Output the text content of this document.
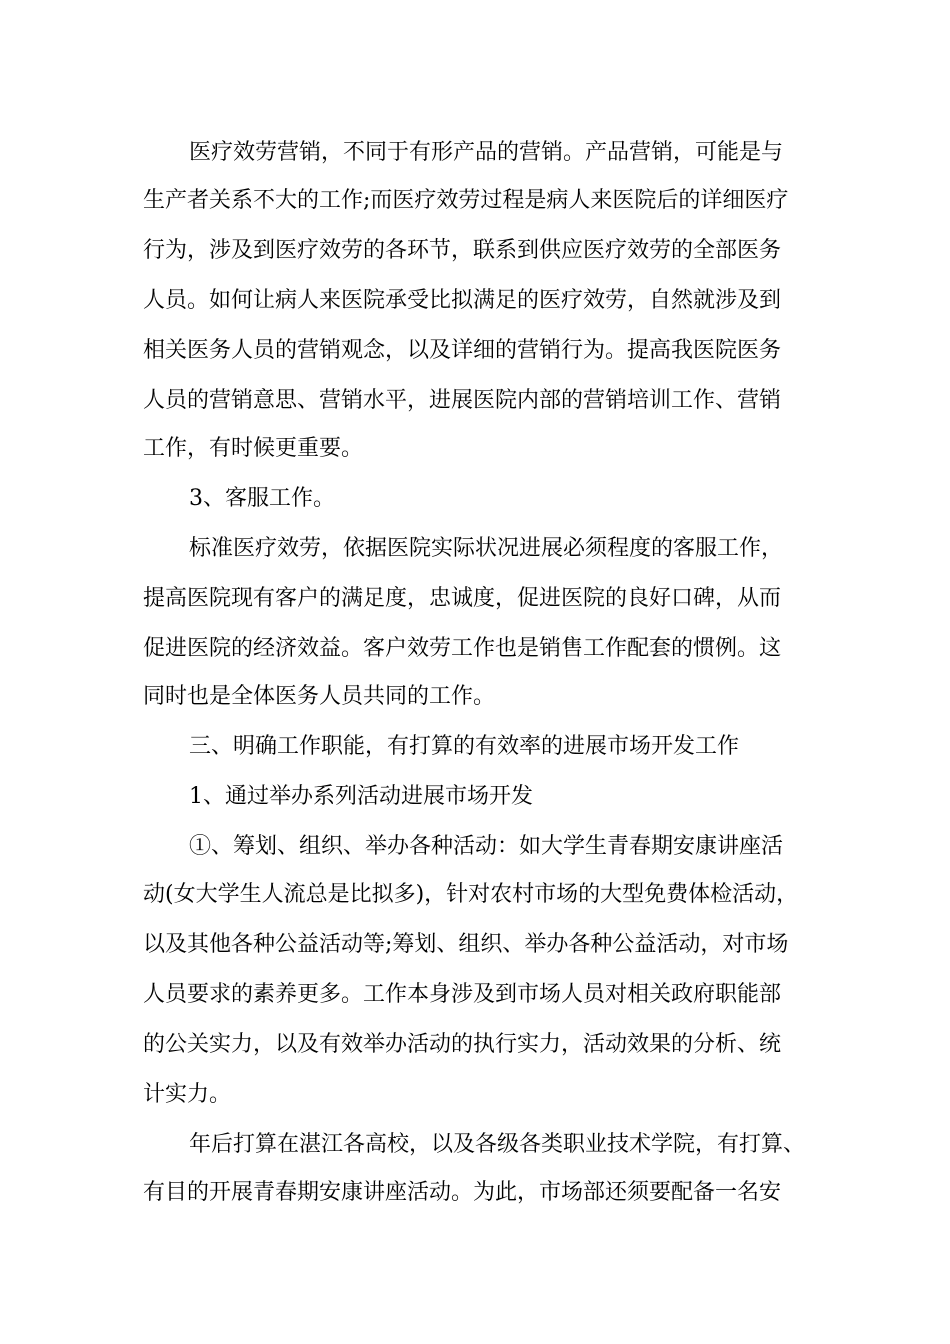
医疗效劳营销，不同于有形产品的营销。产品营销，可能是与
生产者关系不大的工作;而医疗效劳过程是病人来医院后的详细医疗
行为，涉及到医疗效劳的各环节，联系到供应医疗效劳的全部医务
人员。如何让病人来医院承受比拟满足的医疗效劳，自然就涉及到
相关医务人员的营销观念，以及详细的营销行为。提高我医院医务
人员的营销意思、营销水平，进展医院内部的营销培训工作、营销
工作，有时候更重要。
3、客服工作。
标准医疗效劳，依据医院实际状况进展必须程度的客服工作，
提高医院现有客户的满足度，忠诚度，促进医院的良好口碑，从而
促进医院的经济效益。客户效劳工作也是销售工作配套的惯例。这
同时也是全体医务人员共同的工作。
三、明确工作职能，有打算的有效率的进展市场开发工作
1、通过举办系列活动进展市场开发
①、筹划、组织、举办各种活动：如大学生青春期安康讲座活
动(女大学生人流总是比拟多)，针对农村市场的大型免费体检活动，
以及其他各种公益活动等;筹划、组织、举办各种公益活动，对市场
人员要求的素养更多。工作本身涉及到市场人员对相关政府职能部
的公关实力，以及有效举办活动的执行实力，活动效果的分析、统
计实力。
年后打算在湛江各高校，以及各级各类职业技术学院，有打算、
有目的开展青春期安康讲座活动。为此，市场部还须要配备一名安
